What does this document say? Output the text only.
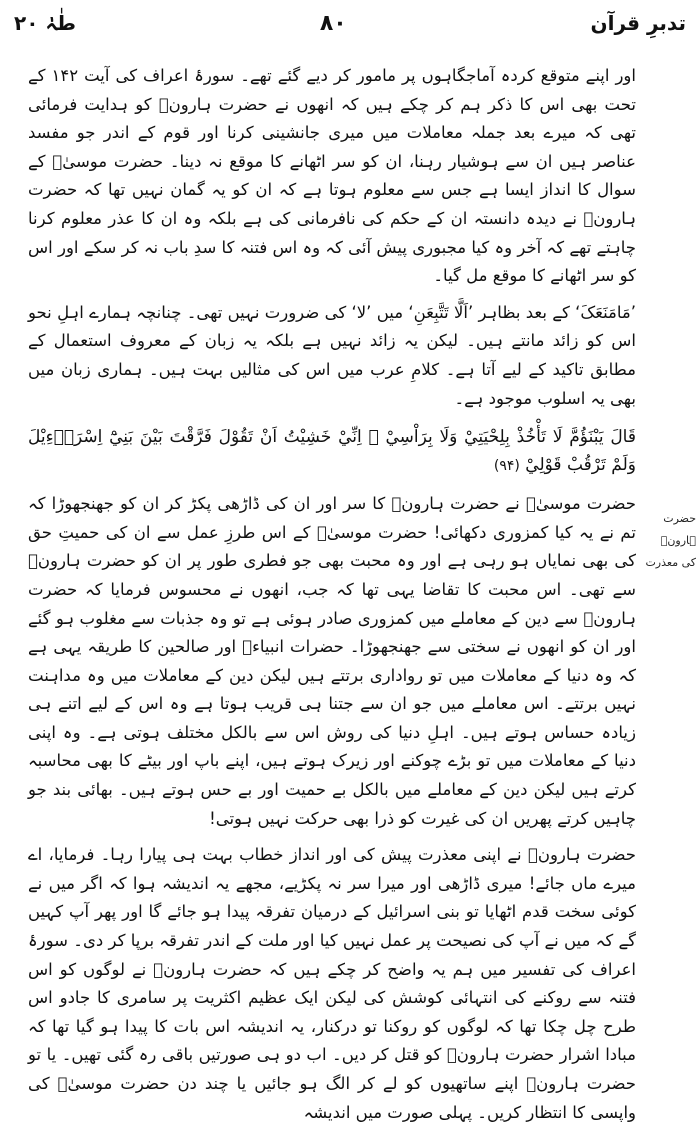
تدبرِ قرآن
۸۰
طٰہٰ ۲۰

اور اپنے متوقع کردہ آماجگاہوں پر مامور کر دیے گئے تھے۔ سورۂ اعراف کی آیت ۱۴۲ کے تحت بھی اس کا ذکر ہم کر چکے ہیں کہ انھوں نے حضرت ہارونؑ کو ہدایت فرمائی تھی کہ میرے بعد جملہ معاملات میں میری جانشینی کرنا اور قوم کے اندر جو مفسد عناصر ہیں ان سے ہوشیار رہنا، ان کو سر اٹھانے کا موقع نہ دینا۔ حضرت موسیٰؑ کے سوال کا انداز ایسا ہے جس سے معلوم ہوتا ہے کہ ان کو یہ گمان نہیں تھا کہ حضرت ہارونؑ نے دیدہ دانستہ ان کے حکم کی نافرمانی کی ہے بلکہ وہ ان کا عذر معلوم کرنا چاہتے تھے کہ آخر وہ کیا مجبوری پیش آئی کہ وہ اس فتنہ کا سدِ باب نہ کر سکے اور اس کو سر اٹھانے کا موقع مل گیا۔

’مَامَنَعَکَ‘ کے بعد بظاہر ’اَلَّا تَتَّبِعَنِ‘ میں ’لا‘ کی ضرورت نہیں تھی۔ چنانچہ ہمارے اہلِ نحو اس کو زائد مانتے ہیں۔ لیکن یہ زائد نہیں ہے بلکہ یہ زبان کے معروف استعمال کے مطابق تاکید کے لیے آتا ہے۔ کلامِ عرب میں اس کی مثالیں بہت ہیں۔ ہماری زبان میں بھی یہ اسلوب موجود ہے۔

قَالَ يَبْنَؤُمَّ لَا تَأْخُذْ بِلِحْيَتِيْ وَلَا بِرَاْسِيْ ۚ اِنِّيْ خَشِيْتُ اَنْ تَقُوْلَ فَرَّقْتَ بَيْنَ بَنِيْٓ اِسْرَاۗءِيْلَ وَلَمْ تَرْقُبْ قَوْلِيْ (۹۴)

حضرت موسیٰؑ نے حضرت ہارونؑ کا سر اور ان کی ڈاڑھی پکڑ کر ان کو جھنجھوڑا کہ تم نے یہ کیا کمزوری دکھائی! حضرت موسیٰؑ کے اس طرزِ عمل سے ان کی حمیتِ حق کی بھی نمایاں ہو رہی ہے اور وہ محبت بھی جو فطری طور پر ان کو حضرت ہارونؑ سے تھی۔ اس محبت کا تقاضا یہی تھا کہ جب، انھوں نے محسوس فرمایا کہ حضرت ہارونؑ سے دین کے معاملے میں کمزوری صادر ہوئی ہے تو وہ جذبات سے مغلوب ہو گئے اور ان کو انھوں نے سختی سے جھنجھوڑا۔ حضرات انبیاءؑ اور صالحین کا طریقہ یہی ہے کہ وہ دنیا کے معاملات میں تو رواداری برتتے ہیں لیکن دین کے معاملات میں وہ مداہنت نہیں برتتے۔ اس معاملے میں جو ان سے جتنا ہی قریب ہوتا ہے وہ اس کے لیے اتنے ہی زیادہ حساس ہوتے ہیں۔ اہلِ دنیا کی روش اس سے بالکل مختلف ہوتی ہے۔ وہ اپنی دنیا کے معاملات میں تو بڑے چوکنے اور زیرک ہوتے ہیں، اپنے باپ اور بیٹے کا بھی محاسبہ کرتے ہیں لیکن دین کے معاملے میں بالکل بے حمیت اور بے حس ہوتے ہیں۔ بھائی بند جو چاہیں کرتے پھریں ان کی غیرت کو ذرا بھی حرکت نہیں ہوتی!

حضرت ہارونؑ نے اپنی معذرت پیش کی اور انداز خطاب بہت ہی پیارا رہا۔ فرمایا، اے میرے ماں جائے! میری ڈاڑھی اور میرا سر نہ پکڑیے، مجھے یہ اندیشہ ہوا کہ اگر میں نے کوئی سخت قدم اٹھایا تو بنی اسرائیل کے درمیان تفرقہ پیدا ہو جائے گا اور پھر آپ کہیں گے کہ میں نے آپ کی نصیحت پر عمل نہیں کیا اور ملت کے اندر تفرقہ برپا کر دی۔ سورۂ اعراف کی تفسیر میں ہم یہ واضح کر چکے ہیں کہ حضرت ہارونؑ نے لوگوں کو اس فتنہ سے روکنے کی انتہائی کوشش کی لیکن ایک عظیم اکثریت پر سامری کا جادو اس طرح چل چکا تھا کہ لوگوں کو روکنا تو درکنار، یہ اندیشہ اس بات کا پیدا ہو گیا تھا کہ مبادا اشرار حضرت ہارونؑ کو قتل کر دیں۔ اب دو ہی صورتیں باقی رہ گئی تھیں۔ یا تو حضرت ہارونؑ اپنے ساتھیوں کو لے کر الگ ہو جائیں یا چند دن حضرت موسیٰؑ کی واپسی کا انتظار کریں۔ پہلی صورت میں اندیشہ

حضرت ہارونؑ
کی معذرت
